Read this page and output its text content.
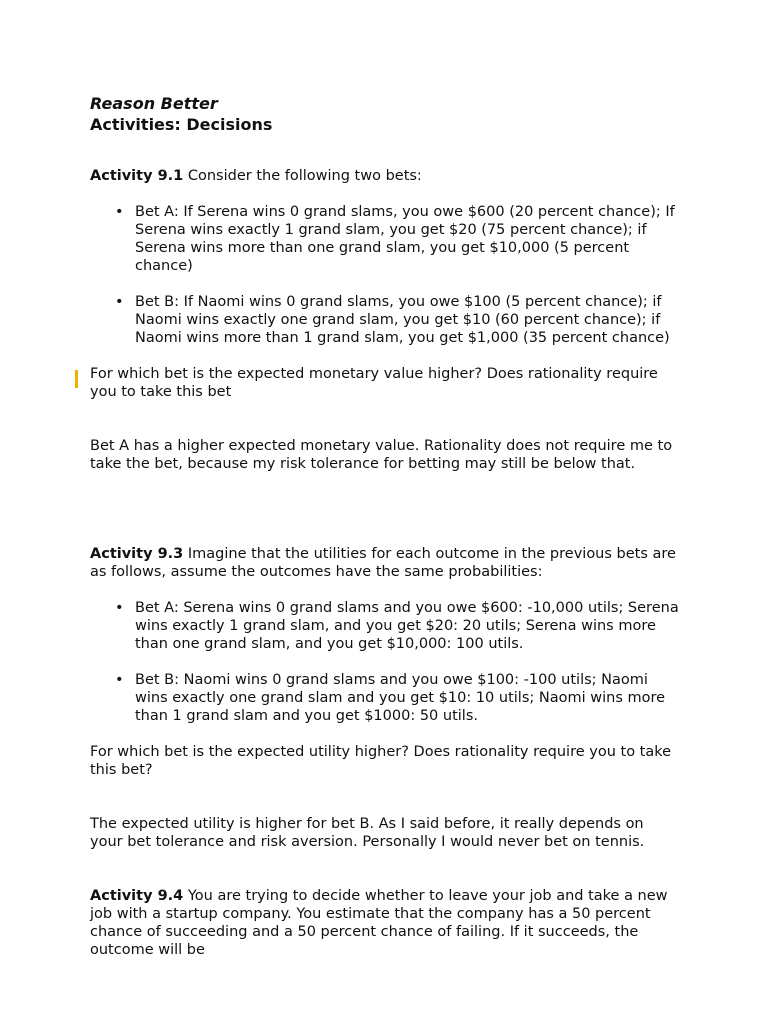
Reason Better
Activities: Decisions

Activity 9.1 Consider the following two bets:

• Bet A: If Serena wins 0 grand slams, you owe $600 (20 percent chance); If Serena wins exactly 1 grand slam, you get $20 (75 percent chance); if Serena wins more than one grand slam, you get $10,000 (5 percent chance)
• Bet B: If Naomi wins 0 grand slams, you owe $100 (5 percent chance); if Naomi wins exactly one grand slam, you get $10 (60 percent chance); if Naomi wins more than 1 grand slam, you get $1,000 (35 percent chance)

For which bet is the expected monetary value higher? Does rationality require you to take this bet

Bet A has a higher expected monetary value. Rationality does not require me to take the bet, because my risk tolerance for betting may still be below that.

Activity 9.3 Imagine that the utilities for each outcome in the previous bets are as follows, assume the outcomes have the same probabilities:

• Bet A: Serena wins 0 grand slams and you owe $600: -10,000 utils; Serena wins exactly 1 grand slam, and you get $20: 20 utils; Serena wins more than one grand slam, and you get $10,000: 100 utils.
• Bet B: Naomi wins 0 grand slams and you owe $100: -100 utils; Naomi wins exactly one grand slam and you get $10: 10 utils; Naomi wins more than 1 grand slam and you get $1000: 50 utils.

For which bet is the expected utility higher? Does rationality require you to take this bet?

The expected utility is higher for bet B. As I said before, it really depends on your bet tolerance and risk aversion. Personally I would never bet on tennis.

Activity 9.4 You are trying to decide whether to leave your job and take a new job with a startup company. You estimate that the company has a 50 percent chance of succeeding and a 50 percent chance of failing. If it succeeds, the outcome will be
